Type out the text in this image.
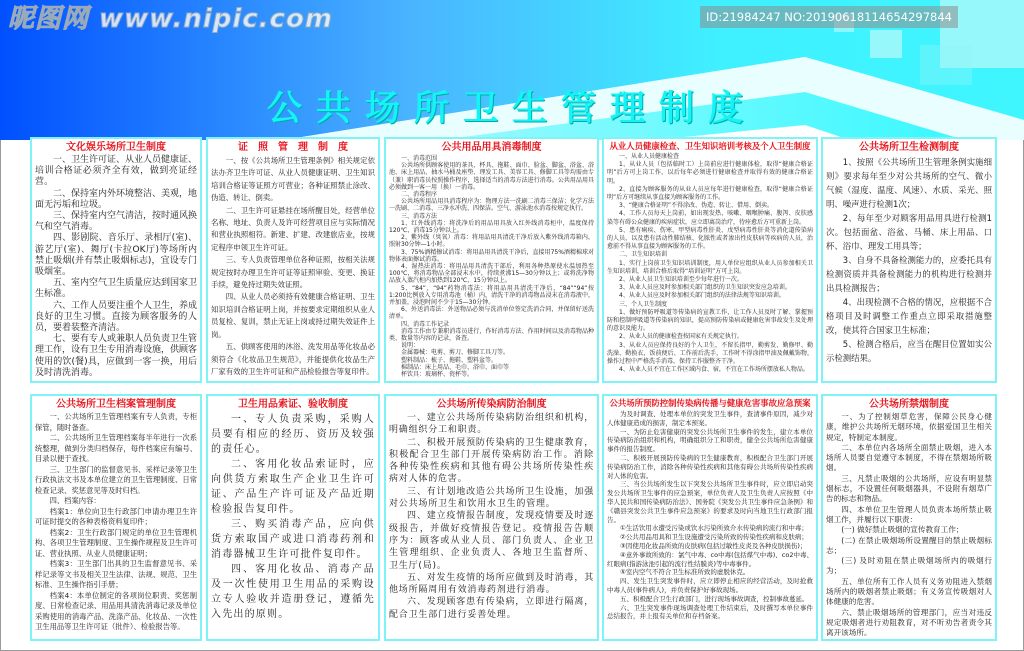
公共场所卫生管理制度
文化娱乐场所卫生制度

一、卫生许可证、从业人员健康证、培训合格证必须齐全有效，做到亮证经营。

二、保持室内外环境整洁、美观，地面无污垢和垃圾。

三、保持室内空气清洁，按时通风换气和空气消毒。

四、影剧院、音乐厅、录相厅(室)、游艺厅(室)、舞厅(卡拉OK厅)等场所内禁止吸烟(并有禁止吸烟标志)，宜设专门吸烟室。

五、室内空气卫生质量应达到国家卫生标准。

六、工作人员要注重个人卫生，养成良好的卫生习惯。直接为顾客服务的人员，要着装整齐清洁。

七、要有专人或兼职人员负责卫生管理工作，设有卫生专用消毒设施，供顾客使用的饮(餐)具，应做到一客一换，用后及时清洗消毒。

证　照　管　理　制　度

一、按《公共场所卫生管理条例》相关规定依法办齐卫生许可证、从业人员健康证明、卫生知识培训合格证等证照方可营业；各种证照禁止涂改、伪造、转让、倒卖。

二、卫生许可证悬挂在场所醒目处，经营单位名称、地址、负责人及许可经营项目应与实际情况和营业执照相符。新建、扩建、改建旅店业，按规定程序申领卫生许可证。

三、专人负责管理单位各种证照，按相关法规规定按时办理卫生许可证等证照审验、变更、换证手续，避免持过期失效证照。

四、从业人员必须持有效健康合格证明、卫生知识培训合格证明上岗，并按要求定期组织从业人员复检、复训，禁止无证上岗或持过期失效证件上岗。

五、供顾客使用的沐浴、洗发用品等化妆品必须符合《化妆品卫生规范》，并能提供化妆品生产厂家有效的卫生许可证和产品检验报告等复印件。

公共用品用具消毒制度

一、消毒范围

公共场所供顾客使用的茶具、杯具、拖鞋、面巾、脸盆、脚盆、浴盆、浴池、床上用品、抽水马桶及座垫、理发工具、美容工具、修脚工具等均需由专（兼）职消毒员按照操作程序，选择适当的消毒方法进行消毒。公共用品用具必须做到一客一用（换）一消毒。

二、消毒程序

公共场所用品用具消毒程序为：物理方法一洗刷二消毒三保洁；化学方法一洗刷、二消毒、三净水冲洗、四保洁。空气、游泳池水消毒按规定执行。

三、消毒方法

1、红外线消毒：将洗净后的用品用具放入红外线消毒柜中，温度保持120℃，消毒15分钟以上。

2、紫外线（臭氧）消毒：将用品用具清洗干净后放入紫外线消毒箱内，照射30分钟—1小时。

3、75%酒精擦试消毒：将用品用具清洗干净后，直接用75%酒精棉球对物体表面擦试消毒。

4、湿热法消毒：将用品用具清洗干部后，利用各种热原使水温加热至100℃，将消毒物品全部浸末水中，持续煮沸15—30分钟以上；或将洗净物品放入蒸汽柜内加热到120℃，15分钟以上。

5、“84”、“94”药物消毒法：将用品用具清洗干净后，“84”“94”按1:200比例放入专用消毒池（桶）内，清洗干净的消毒物品浸末在消毒液中，并加盖，浸泡时间不少于15—30分钟。

6、外送消毒法：外送物品必须与洗消单位签定洗消合同，并保留好送洗清单。

四、消毒工作记录

消毒工作由专兼职消毒员进行，作好消毒方法、作用时间以及消毒物品种类、数量等内容的记录，备查。

说明：

金属器械：电剪、剪刀、修脚工具刀等。

塑料制品：梳子、拖鞋、塑料盆等。

棉制品：床上用品、毛巾、浴巾、面巾等

杯饮具：玻璃杯、瓷杯等。

从业人员健康检查、卫生知识培训考核及个人卫生制度

一、从业人员健康检查

1、从业人员（包括临时工）上岗前应进行健康体检，取得“健康合格证明”后方可上岗工作，以后每年必须进行健康检查并取得有效的健康合格证明。

2、直接为顾客服务的从业人员应每年进行健康检查，取得“健康合格证明”后方可继续从事直接为顾客服务的工作。

3、“健康合格证明”不得涂改、伪造、转让、借用、倒卖。

4、工作人员每天上岗前，如出现发热、咳嗽、咽喉肿痛、腹泻、皮肤感染等有碍公众健康的疾病症状，应立即离岗治疗，待痊愈后方可重新上岗。

5、患有痢疾、伤寒、甲型病毒性肝炎、戊型病毒性肝炎等消化道传染病的人员，以及患有活动性肺结核、化脓性或者渗出性皮肤病等疾病的人员，治愈前不得从事直接为顾客服务的工作。

二、卫生知识培训

1、实行上岗前卫生知识培训制度，用人单位应组织从业人员参加相关卫生知识培训，培训合格后取得“培训证明”方可上岗。

2、从业人员卫生知识培训至少每年进行一次。

3、从业人员应及时参加相关部门组织的卫生知识突发应急培训。

4、从业人员应及时参加相关部门组织的法律法规等知识培训。

三、个人卫生制度

1、做好预防呼吸道等传染病的宣教工作，让工作人员及时了解、掌握预防和控制呼吸道等传染病的知识，提高预防传染病或健康危害事故发生及处理的意识及能力。

2、从业人员的健康检查按国家有关规定执行。

3、从业人员应保持良好的个人卫生，不留长指甲，勤剪发、勤修甲、勤洗澡、勤换衣，饭前便后、工作前后洗手，工作时不得涂指甲油及佩戴饰物，操作过程中严格洗手消毒，保持工作服整齐干净。

4、从业人员不宜在工作区域内食、宿，不宜在工作场所摆放私人物品。

公共场所卫生检测制度

1、按照《公共场所卫生管理条例实施细则》要求每年至少对公共场所的空气、微小气候（湿度、温度、风速）、水质、采光、照明、噪声进行检测1次；

2、每年至少对顾客用品用具进行检测1次。包括面盆、浴盆、马桶、床上用品、口杯、浴巾、理发工用具等；

3、自身不具备检测能力的，应委托具有检测资质并具备检测能力的机构进行检测并出具检测报告；

4、出现检测不合格的情况，应根据不合格项目及时调整工作重点立即采取措施整改，使其符合国家卫生标准；

5、检测合格后，应当在醒目位置如实公示检测结果。

公共场所卫生档案管理制度

一、公共场所卫生管理档案有专人负责，专柜保管，随时备查。

二、公共场所卫生管理档案每半年进行一次系统整理，做到分类归档保存，每件档案应有编号、目录以便于查找。

三、卫生部门的监督意见书、采样记录等卫生行政执法文书及本单位建立的卫生管理制度、日常检查记录、奖惩意见等及时归档。

四、档案内容：

档案1：单位向卫生行政部门申请办理卫生许可证时提交的各种表格资料复印件；

档案2：卫生行政部门规定的单位卫生管理机构、各项卫生管理制度、卫生操作规程及卫生许可证、营业执照、从业人员健康证明；

档案3：卫生部门出具的卫生监督意见书、采样记录等文书及相关卫生法律、法规、规范、卫生标准、卫生操作指引手册；

档案4：本单位制定的各项岗位职责、奖惩制度、日常检查记录、用品用具清洗消毒记录及单位采购使用的消毒产品、洗涤产品、化妆品、一次性卫生用品等卫生许可证（批件）、检验报告等。

卫生用品索证、验收制度

一、专人负责采购，采购人员要有相应的经历、资历及较强的责任心。

二、客用化妆品索证时，应向供货方索取生产企业卫生许可证、产品生产许可证及产品近期检验报告复印件。

三、购买消毒产品，应向供货方索取国产或进口消毒药剂和消毒器械卫生许可批件复印件。

四、客用化妆品、消毒产品及一次性使用卫生用品的采购设立专人验收并造册登记，遵循先入先出的原则。

公共场所传染病防治制度

一、建立公共场所传染病防治组织和机构，明确组织分工和职责。

二、积极开展预防传染病的卫生健康教育，积极配合卫生部门开展传染病防治工作。消除各种传染性疾病和其他有碍公共场所传染性疾病对人体的危害。

三、有计划地改造公共场所卫生设施，加强对公共场所卫生和饮用水卫生的管理。

四、建立疫情报告制度，发现疫情要及时逐级报告，并做好疫情报告登记。疫情报告告顺序为：顾客或从业人员、部门负责人、企业卫生管理组织、企业负责人、各地卫生监督所、卫生厅(局)。

五、对发生疫情的场所应做到及时消毒，其他场所隔周用有效消毒药剂进行消毒。

六、发现顾客患有传染病，立即进行隔离，配合卫生部门进行妥善处理。

公共场所预防控制传染病传播与健康危害事故应急预案

为及时调查、处理本单位的突发卫生事件，查清事件原因，减少对人体健康造成的损害，制定本预案。

一、为防止危害健康的突发公共场所卫生事件的发生，建立本单位传染病防治组织和机构，明确组织分工和职责，健全公共场所危害健康事件的报告制度。

二、积极开展预防传染病的卫生健康教育，积极配合卫生部门开展传染病防治工作，消除各种传染性疾病和其他有碍公共场所传染性疾病对人体的危害。

三、当公共场所发生以下突发公共场所卫生事件时，应立即启动突发公共场所卫生事件的应急预案，单位负责人及卫生负责人应按照《中华人民共和国传染病防治法》、国务院《突发公共卫生事件应急条例》和《赣县突发公共卫生事件应急预案》的要求及时向当地卫生行政部门报告。

①生活饮用水遭受污染或饮水污染所致介水传染病的流行和中毒；

②公共用品用具和卫生设施遭受污染所致的传染性疾病和皮肤病；

③因使用化妆品所致的皮肤病(包括过敏性皮炎及各种皮肤损伤)；

④意外事故所致的：氯气中毒、co中毒(包括煤气中毒)、co2中毒、红眼病(指游泳池引起的流行性结膜炎)等中毒事件。

⑤室内空气不符合卫生标准所致的虚脱休克。

四、发生卫生突发事件时，应立即停止相应的经营活动，及时抢救中毒人员(事件病人)，并负责保护好事故现场。

五、积极配合卫生行政部门，进行现场事故调查，控制事故蔓延。

六、卫生突发事件现场调查处理工作结束后，及时撰写本单位事件总结报告，并上报有关单位和存档备案。

公共场所禁烟制度

一、为了控制烟草危害，保障公民身心健康，维护公共场所无烟环境，依据爱国卫生相关规定，特制定本制度。

二、本单位内各场所全面禁止吸烟，进入本场所人员要自觉遵守本制度，不得在禁烟场所吸烟。

三、凡禁止吸烟的公共场所，应设有明显禁烟标志，不设置任何吸烟器具，不设附有烟草广告的标志和物品。

四、本单位卫生管理人员负责本场所禁止吸烟工作，并履行以下职责：

(一) 做好禁止吸烟的宣传教育工作；

(二) 在禁止吸烟场所设置醒目的禁止吸烟标志；

(三) 及时劝阻在禁止吸烟场所内的吸烟行为；

五、单位所有工作人员有义务劝阻进入禁烟场所内的吸烟者禁止吸烟；有义务宣传吸烟对人体健康的危害。

六、禁止吸烟场所的管理部门，应当对违反规定吸烟者进行劝阻教育，对不听劝告者责令其离开该场所。

昵图网 www.nipic.com	ID:21984247 NO:20190618114654297844
